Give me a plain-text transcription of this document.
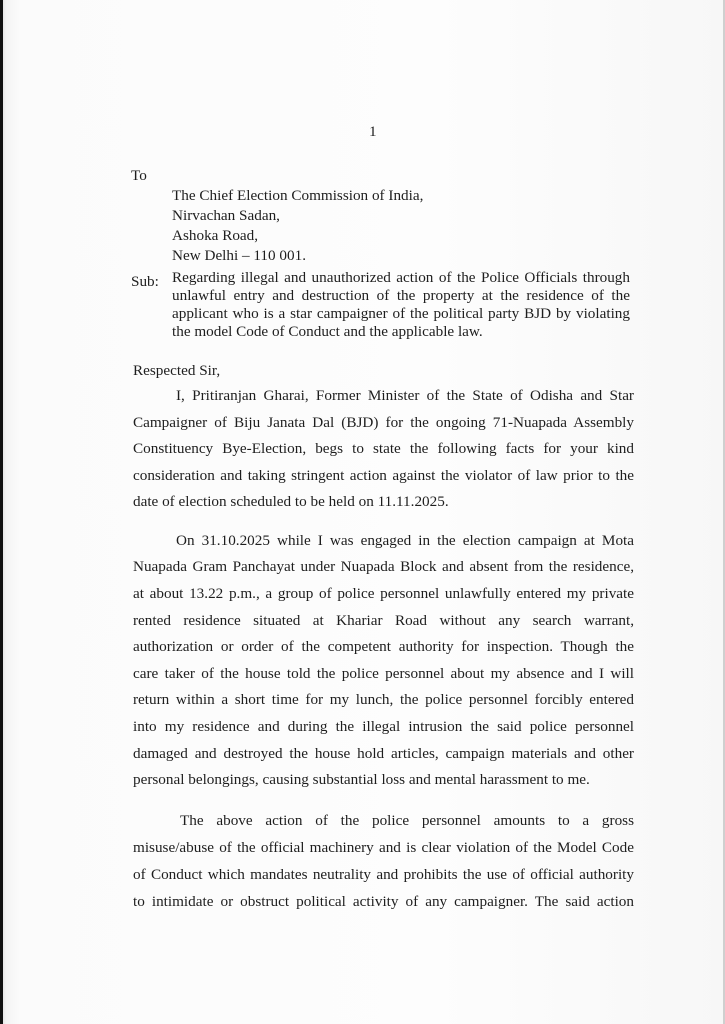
1
To
The Chief Election Commission of India,
Nirvachan Sadan,
Ashoka Road,
New Delhi – 110 001.
Sub: Regarding illegal and unauthorized action of the Police Officials through
unlawful entry and destruction of the property at the residence of the
applicant who is a star campaigner of the political party BJD by violating
the model Code of Conduct and the applicable law.
Respected Sir,
I, Pritiranjan Gharai, Former Minister of the State of Odisha and Star
Campaigner of Biju Janata Dal (BJD) for the ongoing 71-Nuapada Assembly
Constituency Bye-Election, begs to state the following facts for your kind
consideration and taking stringent action against the violator of law prior to the
date of election scheduled to be held on 11.11.2025.
On 31.10.2025 while I was engaged in the election campaign at Mota
Nuapada Gram Panchayat under Nuapada Block and absent from the residence,
at about 13.22 p.m., a group of police personnel unlawfully entered my private
rented residence situated at Khariar Road without any search warrant,
authorization or order of the competent authority for inspection. Though the
care taker of the house told the police personnel about my absence and I will
return within a short time for my lunch, the police personnel forcibly entered
into my residence and during the illegal intrusion the said police personnel
damaged and destroyed the house hold articles, campaign materials and other
personal belongings, causing substantial loss and mental harassment to me.
The above action of the police personnel amounts to a gross
misuse/abuse of the official machinery and is clear violation of the Model Code
of Conduct which mandates neutrality and prohibits the use of official authority
to intimidate or obstruct political activity of any campaigner. The said action
